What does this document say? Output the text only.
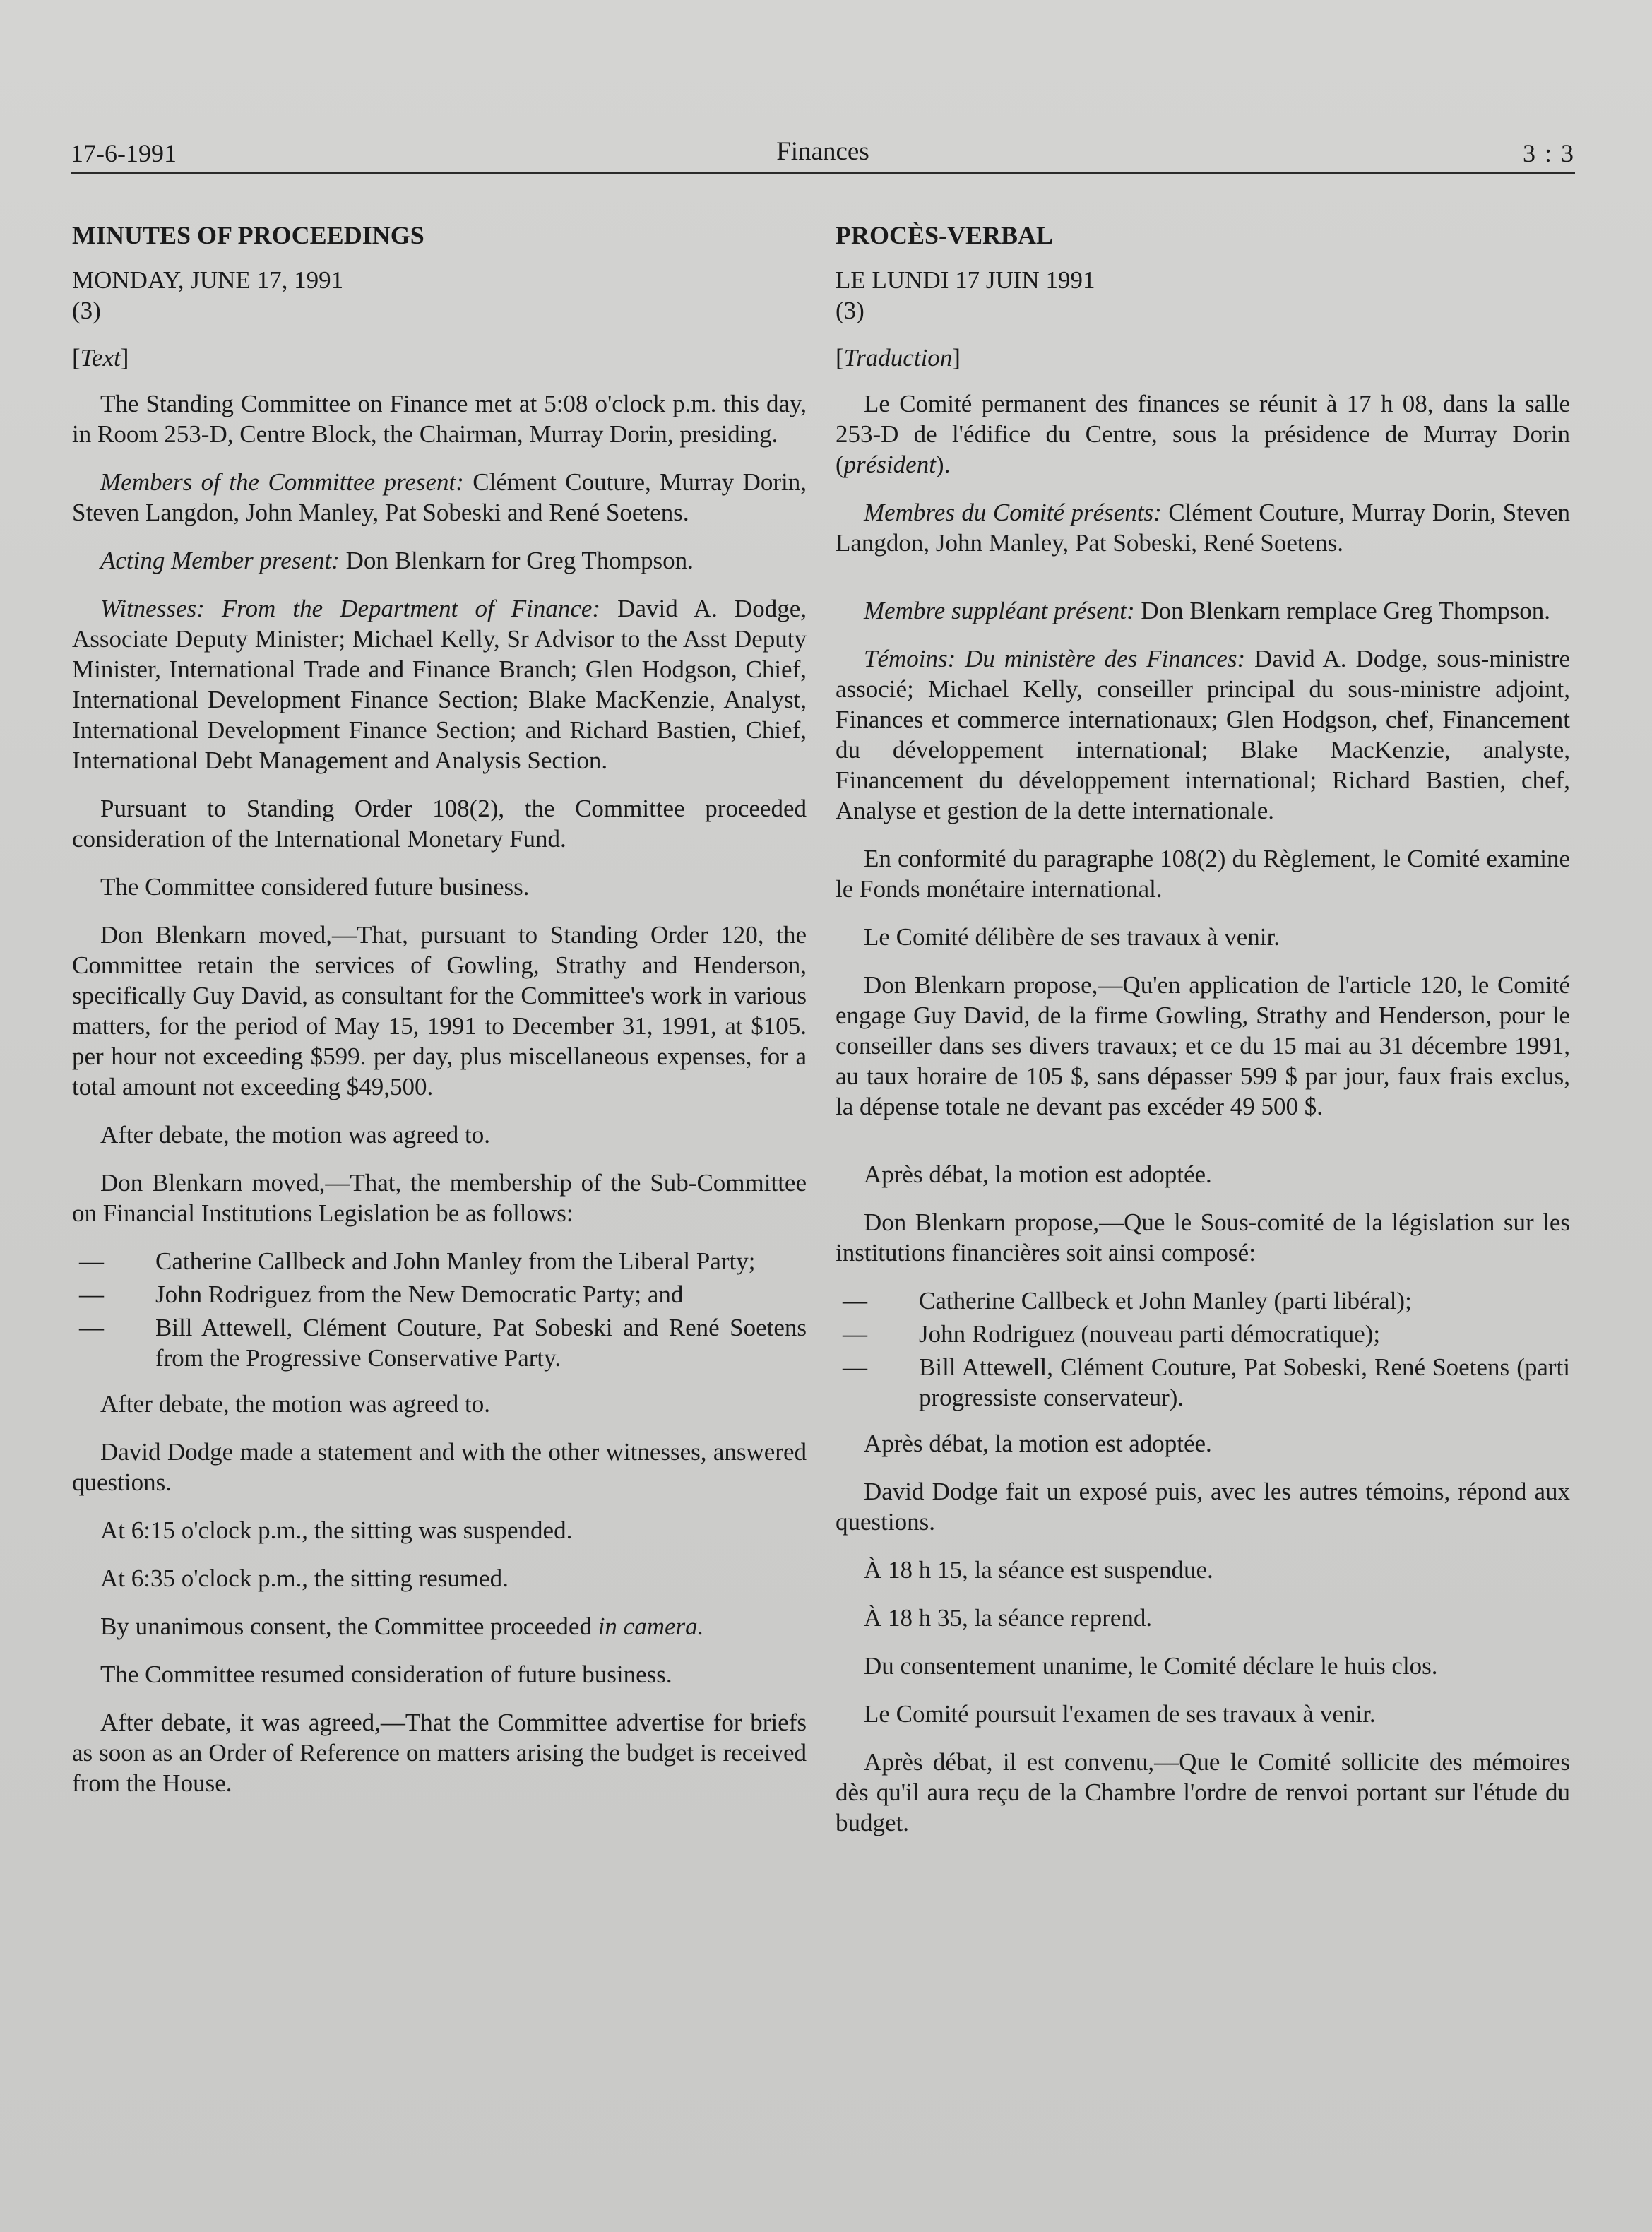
17-6-1991	Finances	3 : 3
MINUTES OF PROCEEDINGS

MONDAY, JUNE 17, 1991

(3)

[Text]

The Standing Committee on Finance met at 5:08 o'clock p.m. this day, in Room 253-D, Centre Block, the Chairman, Murray Dorin, presiding.

Members of the Committee present: Clément Couture, Murray Dorin, Steven Langdon, John Manley, Pat Sobeski and René Soetens.

Acting Member present: Don Blenkarn for Greg Thompson.

Witnesses: From the Department of Finance: David A. Dodge, Associate Deputy Minister; Michael Kelly, Sr Advisor to the Asst Deputy Minister, International Trade and Finance Branch; Glen Hodgson, Chief, International Development Finance Section; Blake MacKenzie, Analyst, International Development Finance Section; and Richard Bastien, Chief, International Debt Management and Analysis Section.

Pursuant to Standing Order 108(2), the Committee proceeded consideration of the International Monetary Fund.

The Committee considered future business.

Don Blenkarn moved,—That, pursuant to Standing Order 120, the Committee retain the services of Gowling, Strathy and Henderson, specifically Guy David, as consultant for the Committee's work in various matters, for the period of May 15, 1991 to December 31, 1991, at $105. per hour not exceeding $599. per day, plus miscellaneous expenses, for a total amount not exceeding $49,500.

After debate, the motion was agreed to.

Don Blenkarn moved,—That, the membership of the Sub-Committee on Financial Institutions Legislation be as follows:

— Catherine Callbeck and John Manley from the Liberal Party;
— John Rodriguez from the New Democratic Party; and
— Bill Attewell, Clément Couture, Pat Sobeski and René Soetens from the Progressive Conservative Party.

After debate, the motion was agreed to.

David Dodge made a statement and with the other witnesses, answered questions.

At 6:15 o'clock p.m., the sitting was suspended.

At 6:35 o'clock p.m., the sitting resumed.

By unanimous consent, the Committee proceeded in camera.

The Committee resumed consideration of future business.

After debate, it was agreed,—That the Committee advertise for briefs as soon as an Order of Reference on matters arising the budget is received from the House.

PROCÈS-VERBAL

LE LUNDI 17 JUIN 1991

(3)

[Traduction]

Le Comité permanent des finances se réunit à 17 h 08, dans la salle 253-D de l'édifice du Centre, sous la présidence de Murray Dorin (président).

Membres du Comité présents: Clément Couture, Murray Dorin, Steven Langdon, John Manley, Pat Sobeski, René Soetens.

Membre suppléant présent: Don Blenkarn remplace Greg Thompson.

Témoins: Du ministère des Finances: David A. Dodge, sous-ministre associé; Michael Kelly, conseiller principal du sous-ministre adjoint, Finances et commerce internationaux; Glen Hodgson, chef, Financement du développement international; Blake MacKenzie, analyste, Financement du développement international; Richard Bastien, chef, Analyse et gestion de la dette internationale.

En conformité du paragraphe 108(2) du Règlement, le Comité examine le Fonds monétaire international.

Le Comité délibère de ses travaux à venir.

Don Blenkarn propose,—Qu'en application de l'article 120, le Comité engage Guy David, de la firme Gowling, Strathy and Henderson, pour le conseiller dans ses divers travaux; et ce du 15 mai au 31 décembre 1991, au taux horaire de 105 $, sans dépasser 599 $ par jour, faux frais exclus, la dépense totale ne devant pas excéder 49 500 $.

Après débat, la motion est adoptée.

Don Blenkarn propose,—Que le Sous-comité de la législation sur les institutions financières soit ainsi composé:

— Catherine Callbeck et John Manley (parti libéral);
— John Rodriguez (nouveau parti démocratique);
— Bill Attewell, Clément Couture, Pat Sobeski, René Soetens (parti progressiste conservateur).

Après débat, la motion est adoptée.

David Dodge fait un exposé puis, avec les autres témoins, répond aux questions.

À 18 h 15, la séance est suspendue.

À 18 h 35, la séance reprend.

Du consentement unanime, le Comité déclare le huis clos.

Le Comité poursuit l'examen de ses travaux à venir.

Après débat, il est convenu,—Que le Comité sollicite des mémoires dès qu'il aura reçu de la Chambre l'ordre de renvoi portant sur l'étude du budget.
